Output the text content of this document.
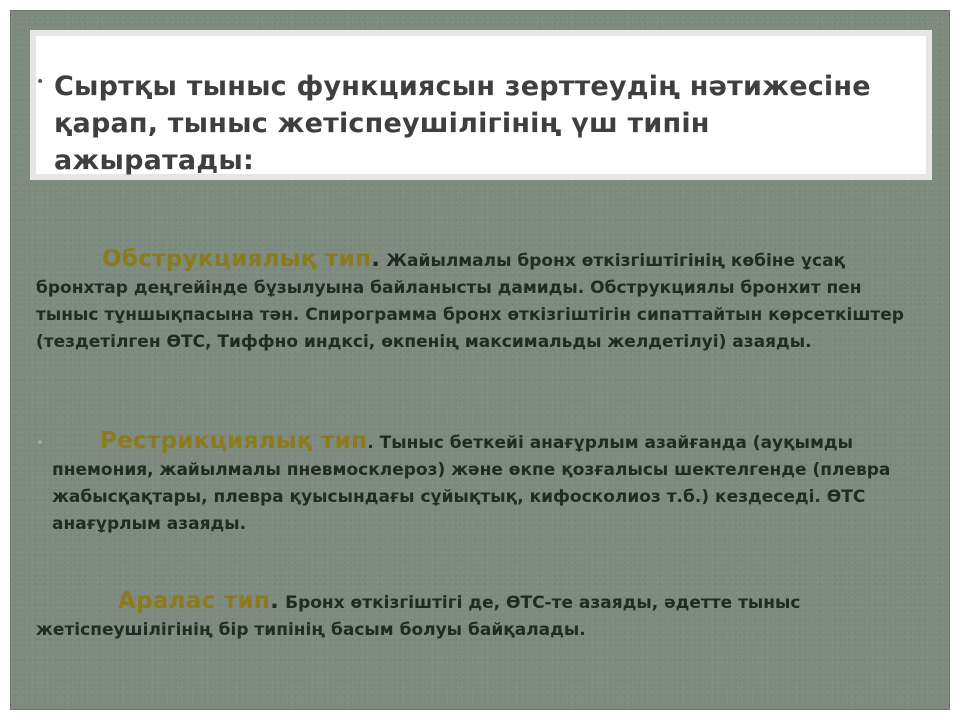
• Сыртқы тыныс функциясын зерттеудің нәтижесіне қарап, тыныс жетіспеушілігінің үш типін ажыратады:

Обструкциялық тип. Жайылмалы бронх өткізгіштігінің көбіне ұсақ бронхтар деңгейінде бұзылуына байланысты дамиды. Обструкциялы бронхит пен тыныс тұншықпасына тән. Спирограмма бронх өткізгіштігін сипаттайтын көрсеткіштер (тездетілген ӨТС, Тиффно индксі, өкпенің максимальды желдетілуі) азаяды.

•	Рестрикциялық тип. Тыныс беткейі анағұрлым азайғанда (ауқымды пнемония, жайылмалы пневмосклероз) және өкпе қозғалысы шектелгенде (плевра жабысқақтары, плевра қуысындағы сұйықтық, кифосколиоз т.б.) кездеседі. ӨТС анағұрлым азаяды.

Аралас тип. Бронх өткізгіштігі де, ӨТС-те азаяды, әдетте тыныс жетіспеушілігінің бір типінің басым болуы байқалады.
